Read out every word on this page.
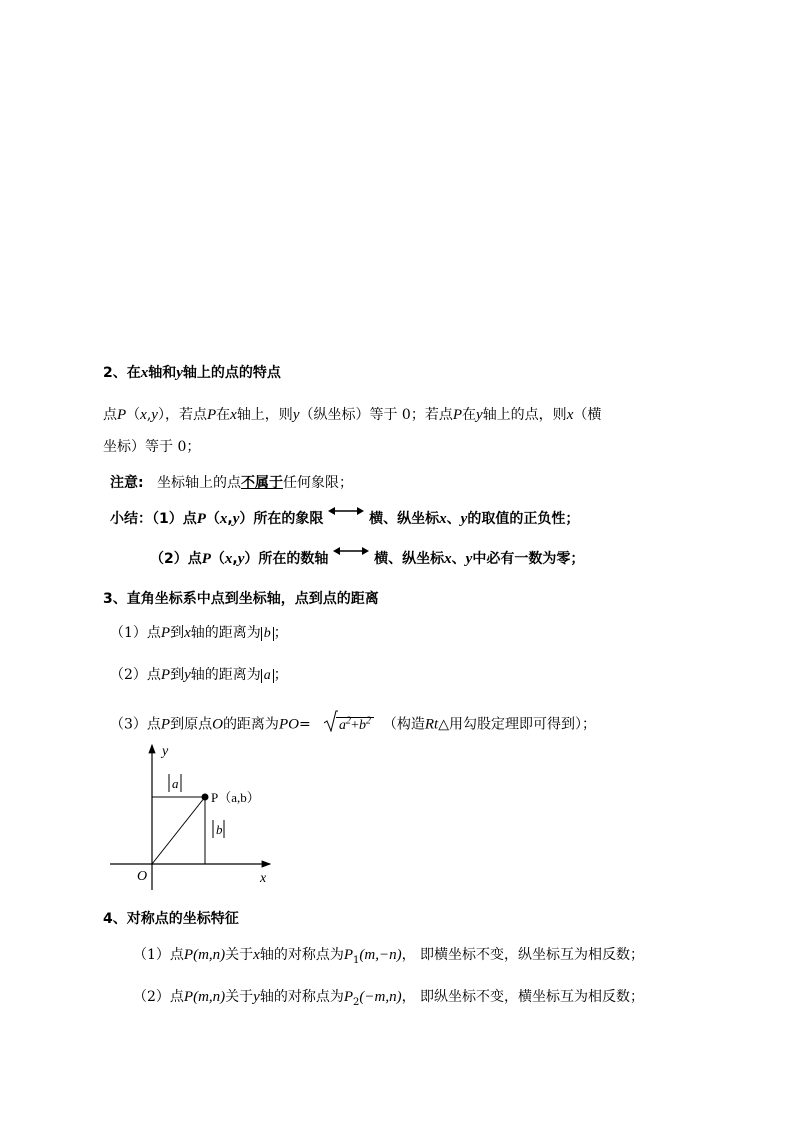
2、在x轴和y轴上的点的特点
点P（x,y），若点P在x轴上，则y（纵坐标）等于 0；若点P在y轴上的点，则x（横
坐标）等于 0；
注意: 坐标轴上的点不属于任何象限；
小结：（1）点P（x,y）所在的象限	横、纵坐标x、y的取值的正负性；
（2）点P（x,y）所在的数轴	横、纵坐标x、y中必有一数为零；
3、直角坐标系中点到坐标轴，点到点的距离
（1）点P到x轴的距离为 b ；
（2）点P到y轴的距离为 a ；
（3）点P到原点O的距离为$PO= a^2+b^2$ （构造Rt△用勾股定理即可得到）；
y
x
O
a
b
P（a,b）
4、对称点的坐标特征
（1）点P(m,n)关于x轴的对称点为$P_1(m,-n)$， 即横坐标不变，纵坐标互为相反数；
（2）点P(m,n)关于y轴的对称点为$P_2(-m,n)$， 即纵坐标不变，横坐标互为相反数；
